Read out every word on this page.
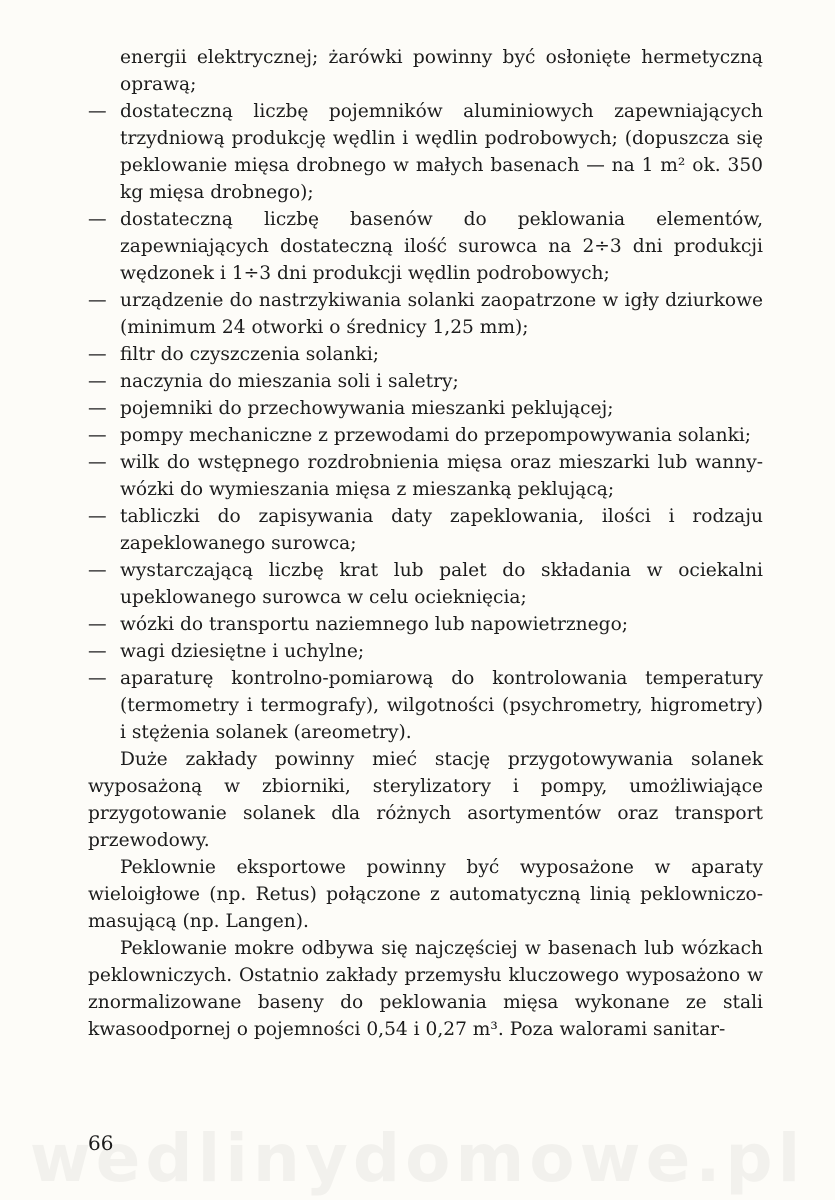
energii elektrycznej; żarówki powinny być osłonięte hermetyczną oprawą;
— dostateczną liczbę pojemników aluminiowych zapewniających trzydniową produkcję wędlin i wędlin podrobowych; (dopuszcza się peklowanie mięsa drobnego w małych basenach — na 1 m² ok. 350 kg mięsa drobnego);
— dostateczną liczbę basenów do peklowania elementów, zapewniających dostateczną ilość surowca na 2÷3 dni produkcji wędzonek i 1÷3 dni produkcji wędlin podrobowych;
— urządzenie do nastrzykiwania solanki zaopatrzone w igły dziurkowe (minimum 24 otworki o średnicy 1,25 mm);
— filtr do czyszczenia solanki;
— naczynia do mieszania soli i saletry;
— pojemniki do przechowywania mieszanki peklującej;
— pompy mechaniczne z przewodami do przepompowywania solanki;
— wilk do wstępnego rozdrobnienia mięsa oraz mieszarki lub wanny-wózki do wymieszania mięsa z mieszanką peklującą;
— tabliczki do zapisywania daty zapeklowania, ilości i rodzaju zapeklowanego surowca;
— wystarczającą liczbę krat lub palet do składania w ociekalni upeklowanego surowca w celu ocieknięcia;
— wózki do transportu naziemnego lub napowietrznego;
— wagi dziesiętne i uchylne;
— aparaturę kontrolno-pomiarową do kontrolowania temperatury (termometry i termografy), wilgotności (psychrometry, higrometry) i stężenia solanek (areometry).
Duże zakłady powinny mieć stację przygotowywania solanek wyposażoną w zbiorniki, sterylizatory i pompy, umożliwiające przygotowanie solanek dla różnych asortymentów oraz transport przewodowy.
Peklownie eksportowe powinny być wyposażone w aparaty wieloigłowe (np. Retus) połączone z automatyczną linią peklowniczo-masującą (np. Langen).
Peklowanie mokre odbywa się najczęściej w basenach lub wózkach peklowniczych. Ostatnio zakłady przemysłu kluczowego wyposażono w znormalizowane baseny do peklowania mięsa wykonane ze stali kwasoodpornej o pojemności 0,54 i 0,27 m³. Poza walorami sanitar-
66
